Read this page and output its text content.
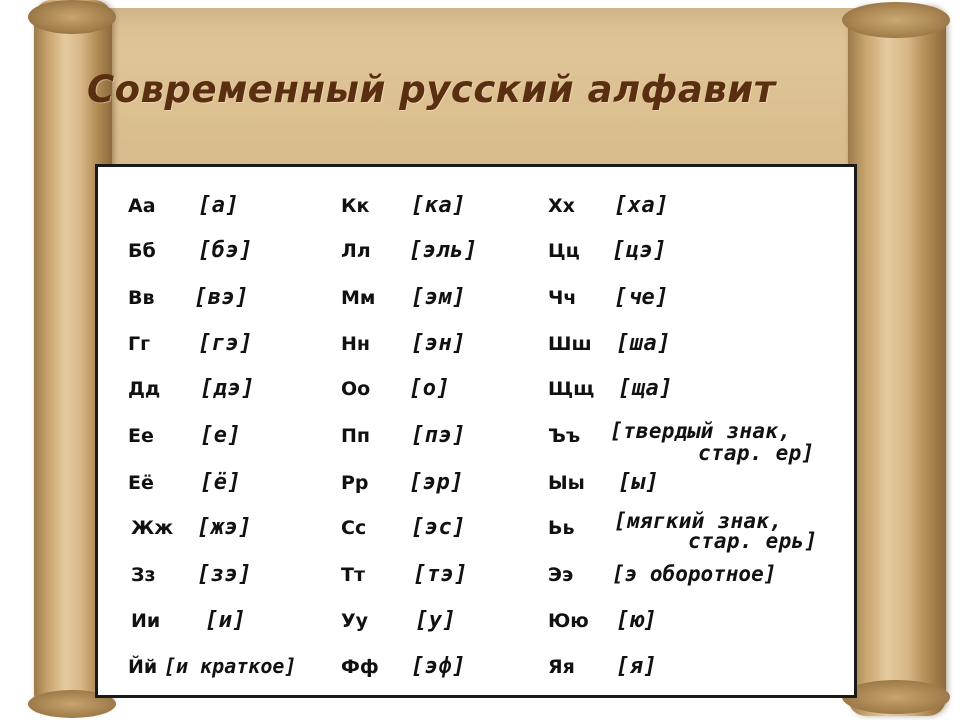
Современный русский алфавит
Аа [а]
Бб [бэ]
Вв [вэ]
Гг [гэ]
Дд [дэ]
Ее [е]
Её [ё]
Жж [жэ]
Зз [зэ]
Ии [и]
Йй [и краткое]
Кк [ка]
Лл [эль]
Мм [эм]
Нн [эн]
Оо [о]
Пп [пэ]
Рр [эр]
Сс [эс]
Тт [тэ]
Уу [у]
Фф [эф]
Хх [ха]
Цц [цэ]
Чч [че]
Шш [ша]
Щщ [ща]
Ъъ [твердый знак,
стар. ер]
Ыы [ы]
Ьь [мягкий знак,
стар. ерь]
Ээ [э оборотное]
Юю [ю]
Яя [я]
